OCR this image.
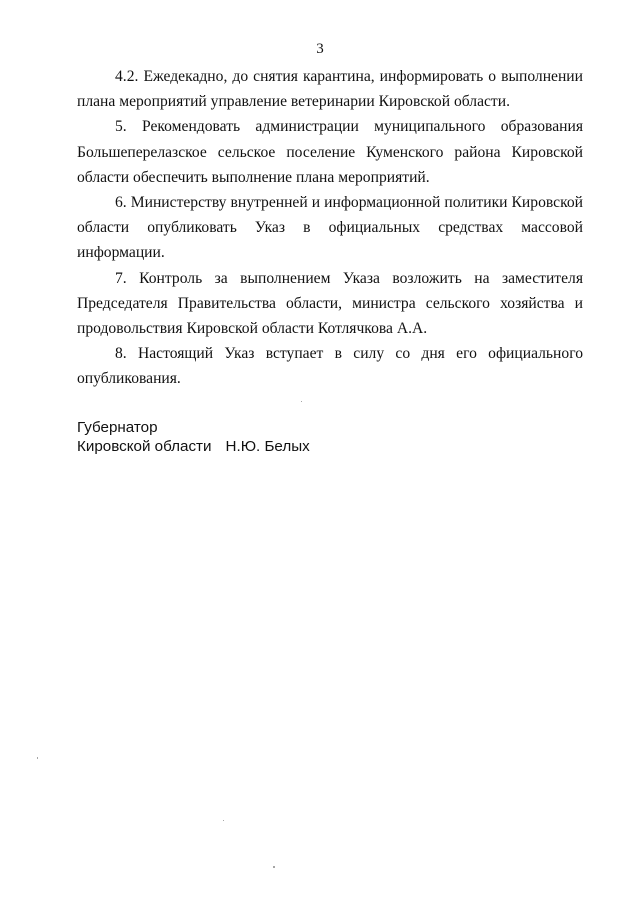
3

4.2. Ежедекадно, до снятия карантина, информировать о выполнении плана мероприятий управление ветеринарии Кировской области.

5. Рекомендовать администрации муниципального образования Большеперелазское сельское поселение Куменского района Кировской области обеспечить выполнение плана мероприятий.

6. Министерству внутренней и информационной политики Кировской области опубликовать Указ в официальных средствах массовой информации.

7. Контроль за выполнением Указа возложить на заместителя Председателя Правительства области, министра сельского хозяйства и продовольствия Кировской области Котлячкова А.А.

8. Настоящий Указ вступает в силу со дня его официального опубликования.

Губернатор
Кировской области Н.Ю. Белых
